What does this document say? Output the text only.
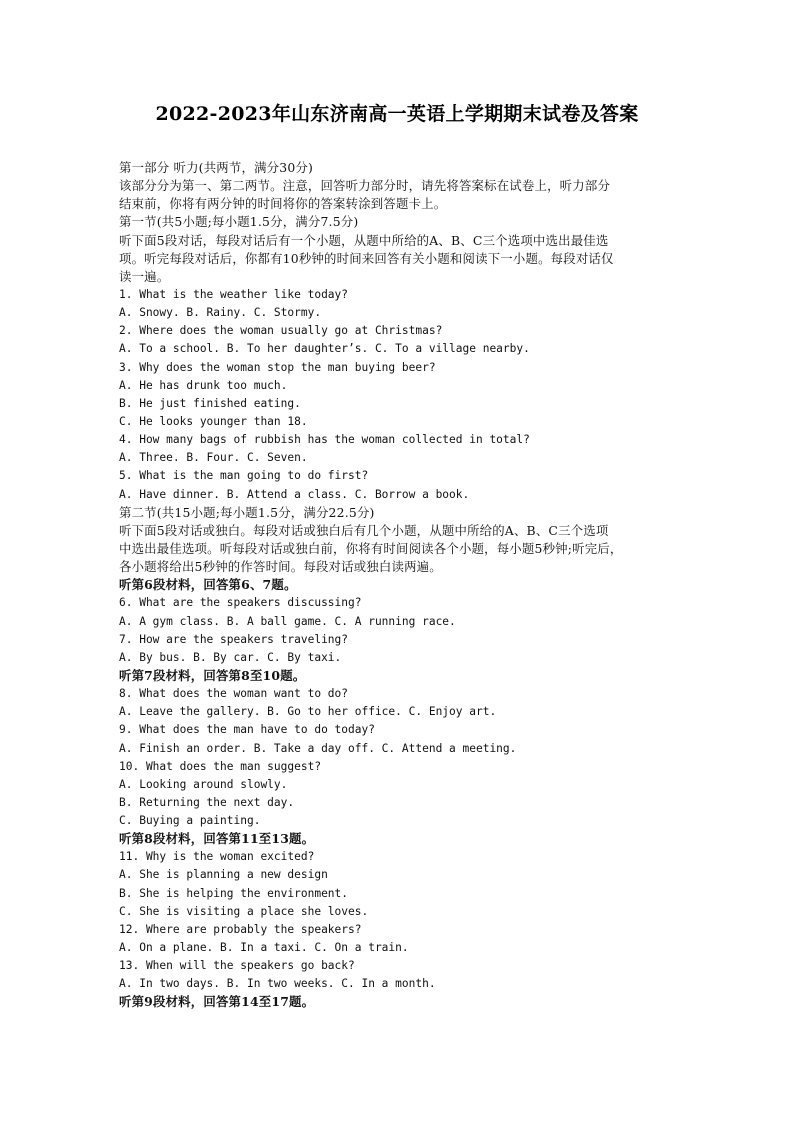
2022-2023年山东济南高一英语上学期期末试卷及答案
第一部分 听力(共两节，满分30分)
该部分分为第一、第二两节。注意，回答听力部分时，请先将答案标在试卷上，听力部分
结束前，你将有两分钟的时间将你的答案转涂到答题卡上。
第一节(共5小题;每小题1.5分，满分7.5分)
听下面5段对话，每段对话后有一个小题，从题中所给的A、B、C三个选项中选出最佳选
项。听完每段对话后，你都有10秒钟的时间来回答有关小题和阅读下一小题。每段对话仅
读一遍。
1. What is the weather like today?
A. Snowy. B. Rainy. C. Stormy.
2. Where does the woman usually go at Christmas?
A. To a school. B. To her daughter’s. C. To a village nearby.
3. Why does the woman stop the man buying beer?
A. He has drunk too much.
B. He just finished eating.
C. He looks younger than 18.
4. How many bags of rubbish has the woman collected in total?
A. Three. B. Four. C. Seven.
5. What is the man going to do first?
A. Have dinner. B. Attend a class. C. Borrow a book.
第二节(共15小题;每小题1.5分，满分22.5分)
听下面5段对话或独白。每段对话或独白后有几个小题，从题中所给的A、B、C三个选项
中选出最佳选项。听每段对话或独白前，你将有时间阅读各个小题，每小题5秒钟;听完后，
各小题将给出5秒钟的作答时间。每段对话或独白读两遍。
听第6段材料，回答第6、7题。
6. What are the speakers discussing?
A. A gym class. B. A ball game. C. A running race.
7. How are the speakers traveling?
A. By bus. B. By car. C. By taxi.
听第7段材料，回答第8至10题。
8. What does the woman want to do?
A. Leave the gallery. B. Go to her office. C. Enjoy art.
9. What does the man have to do today?
A. Finish an order. B. Take a day off. C. Attend a meeting.
10. What does the man suggest?
A. Looking around slowly.
B. Returning the next day.
C. Buying a painting.
听第8段材料，回答第11至13题。
11. Why is the woman excited?
A. She is planning a new design
B. She is helping the environment.
C. She is visiting a place she loves.
12. Where are probably the speakers?
A. On a plane. B. In a taxi. C. On a train.
13. When will the speakers go back?
A. In two days. B. In two weeks. C. In a month.
听第9段材料，回答第14至17题。
